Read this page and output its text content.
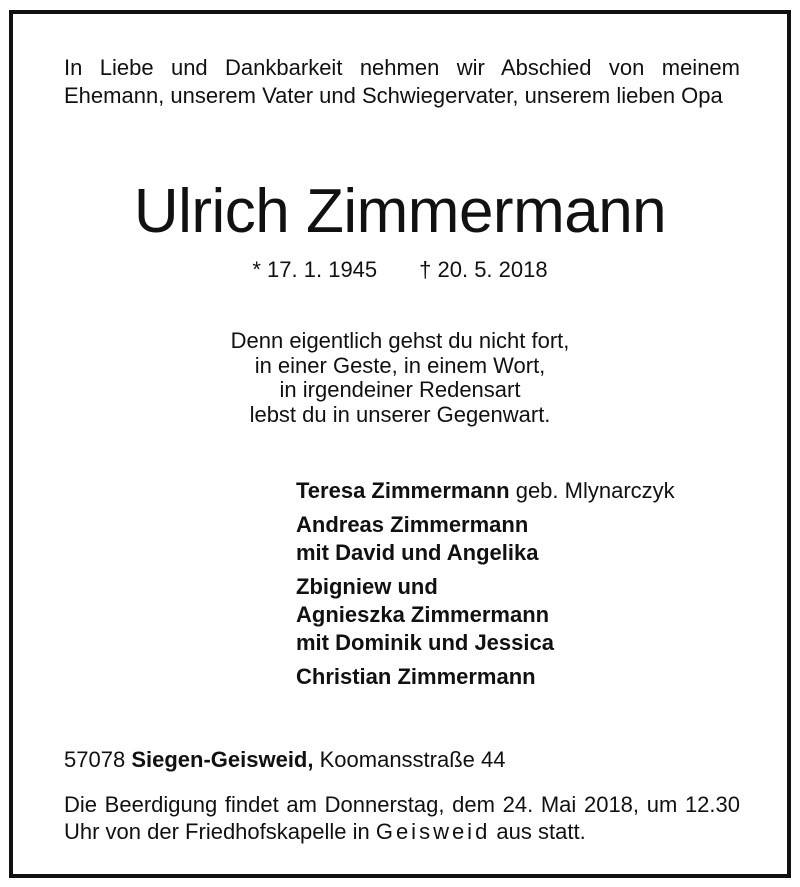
In Liebe und Dankbarkeit nehmen wir Abschied von meinem Ehemann, unserem Vater und Schwiegervater, unserem lieben Opa
Ulrich Zimmermann
* 17. 1. 1945 † 20. 5. 2018
Denn eigentlich gehst du nicht fort,
in einer Geste, in einem Wort,
in irgendeiner Redensart
lebst du in unserer Gegenwart.
Teresa Zimmermann geb. Mlynarczyk
Andreas Zimmermann
mit David und Angelika
Zbigniew und
Agnieszka Zimmermann
mit Dominik und Jessica
Christian Zimmermann
57078 Siegen-Geisweid, Koomansstraße 44
Die Beerdigung findet am Donnerstag, dem 24. Mai 2018, um 12.30 Uhr von der Friedhofskapelle in Geisweid aus statt.
